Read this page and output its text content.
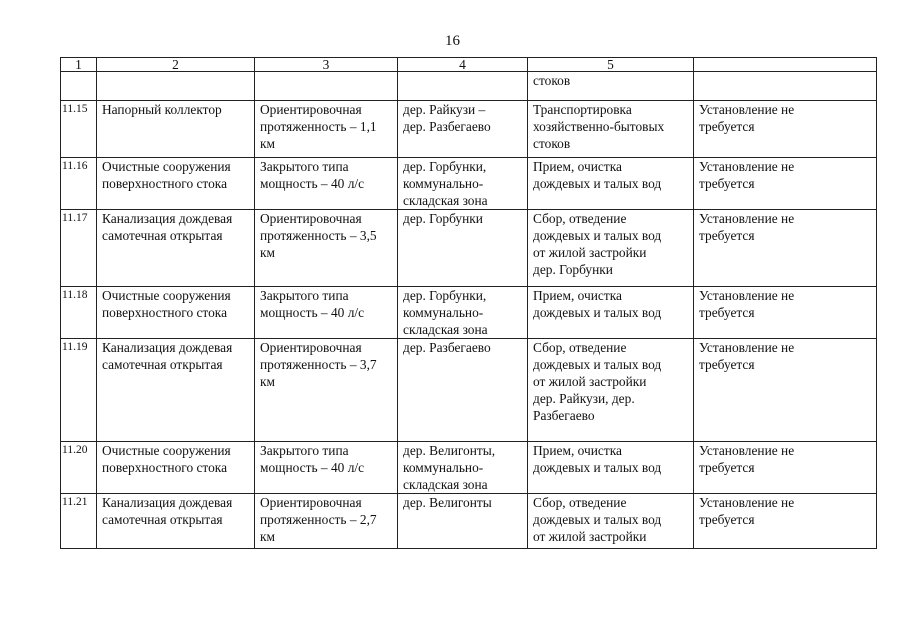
16
1	2	3	4	5	
				стоков	
11.15	Напорный коллектор	Ориентировочная
протяженность – 1,1
км	дер. Райкузи –
дер. Разбегаево	Транспортировка
хозяйственно-бытовых
стоков	Установление не
требуется

11.16	Очистные сооружения
поверхностного стока	Закрытого типа
мощность – 40 л/с	дер. Горбунки,
коммунально-
складская зона	Прием, очистка
дождевых и талых вод	Установление не
требуется

11.17	Канализация дождевая
самотечная открытая	Ориентировочная
протяженность – 3,5
км	дер. Горбунки	Сбор, отведение
дождевых и талых вод
от жилой застройки
дер. Горбунки	Установление не
требуется

11.18	Очистные сооружения
поверхностного стока	Закрытого типа
мощность – 40 л/с	дер. Горбунки,
коммунально-
складская зона	Прием, очистка
дождевых и талых вод	Установление не
требуется

11.19	Канализация дождевая
самотечная открытая	Ориентировочная
протяженность – 3,7
км	дер. Разбегаево	Сбор, отведение
дождевых и талых вод
от жилой застройки
дер. Райкузи, дер.
Разбегаево	Установление не
требуется

11.20	Очистные сооружения
поверхностного стока	Закрытого типа
мощность – 40 л/с	дер. Велигонты,
коммунально-
складская зона	Прием, очистка
дождевых и талых вод	Установление не
требуется

11.21	Канализация дождевая
самотечная открытая	Ориентировочная
протяженность – 2,7
км	дер. Велигонты	Сбор, отведение
дождевых и талых вод
от жилой застройки	Установление не
требуется
